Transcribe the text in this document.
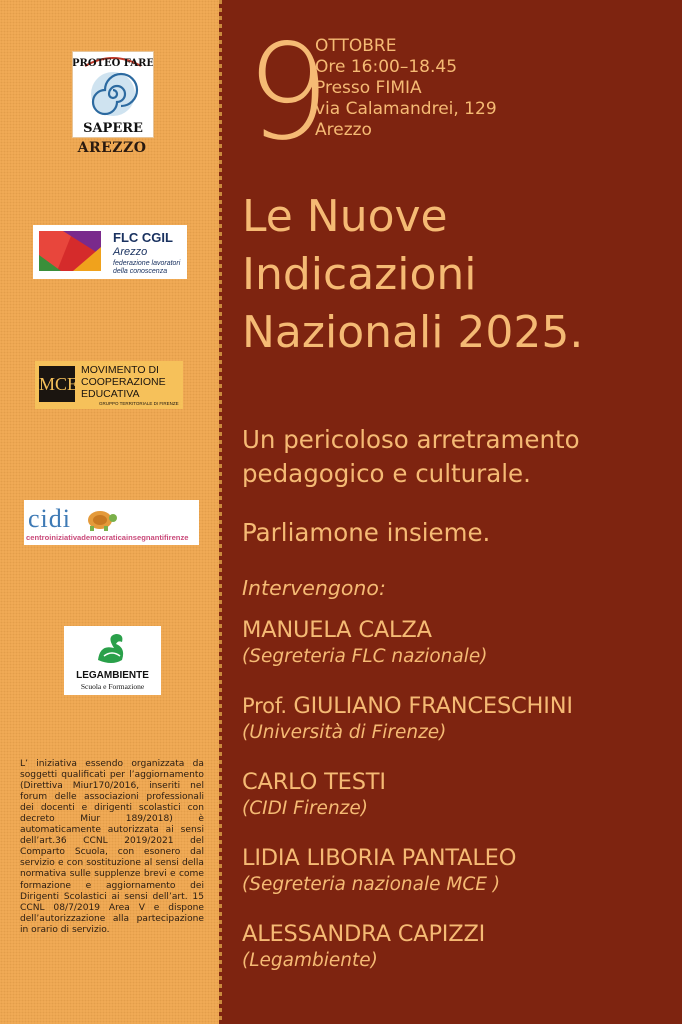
PROTEO FARE
SAPERE
AREZZO
FLC CGIL
Arezzo
federazione lavoratori della conoscenza
MCE
MOVIMENTO DI
COOPERAZIONE
EDUCATIVA
GRUPPO TERRITORIALE DI FIRENZE
cidi
centroiniziativademocraticainsegnantifirenze
LEGAMBIENTE
Scuola e Formazione
L’ iniziativa essendo organizzata da soggetti qualificati per l’aggiornamento (Direttiva Miur170/2016, inseriti nel forum delle associazioni professionali dei docenti e dirigenti scolastici con decreto Miur 189/2018) è automaticamente autorizzata ai sensi dell’art.36 CCNL 2019/2021 del Comparto Scuola, con esonero dal servizio e con sostituzione al sensi della normativa sulle supplenze brevi e come formazione e aggiornamento dei Dirigenti Scolastici ai sensi dell’art. 15 CCNL 08/7/2019 Area V e dispone dell’autorizzazione alla partecipazione in orario di servizio.
9
OTTOBRE
Ore 16:00–18.45
Presso FIMIA
via Calamandrei, 129
Arezzo
Le Nuove
Indicazioni
Nazionali 2025.
Un pericoloso arretramento
pedagogico e culturale.
Parliamone insieme.
Intervengono:
MANUELA CALZA
(Segreteria FLC nazionale)
Prof. GIULIANO FRANCESCHINI
(Università di Firenze)
CARLO TESTI
(CIDI Firenze)
LIDIA LIBORIA PANTALEO
(Segreteria nazionale MCE )
ALESSANDRA CAPIZZI
(Legambiente)
